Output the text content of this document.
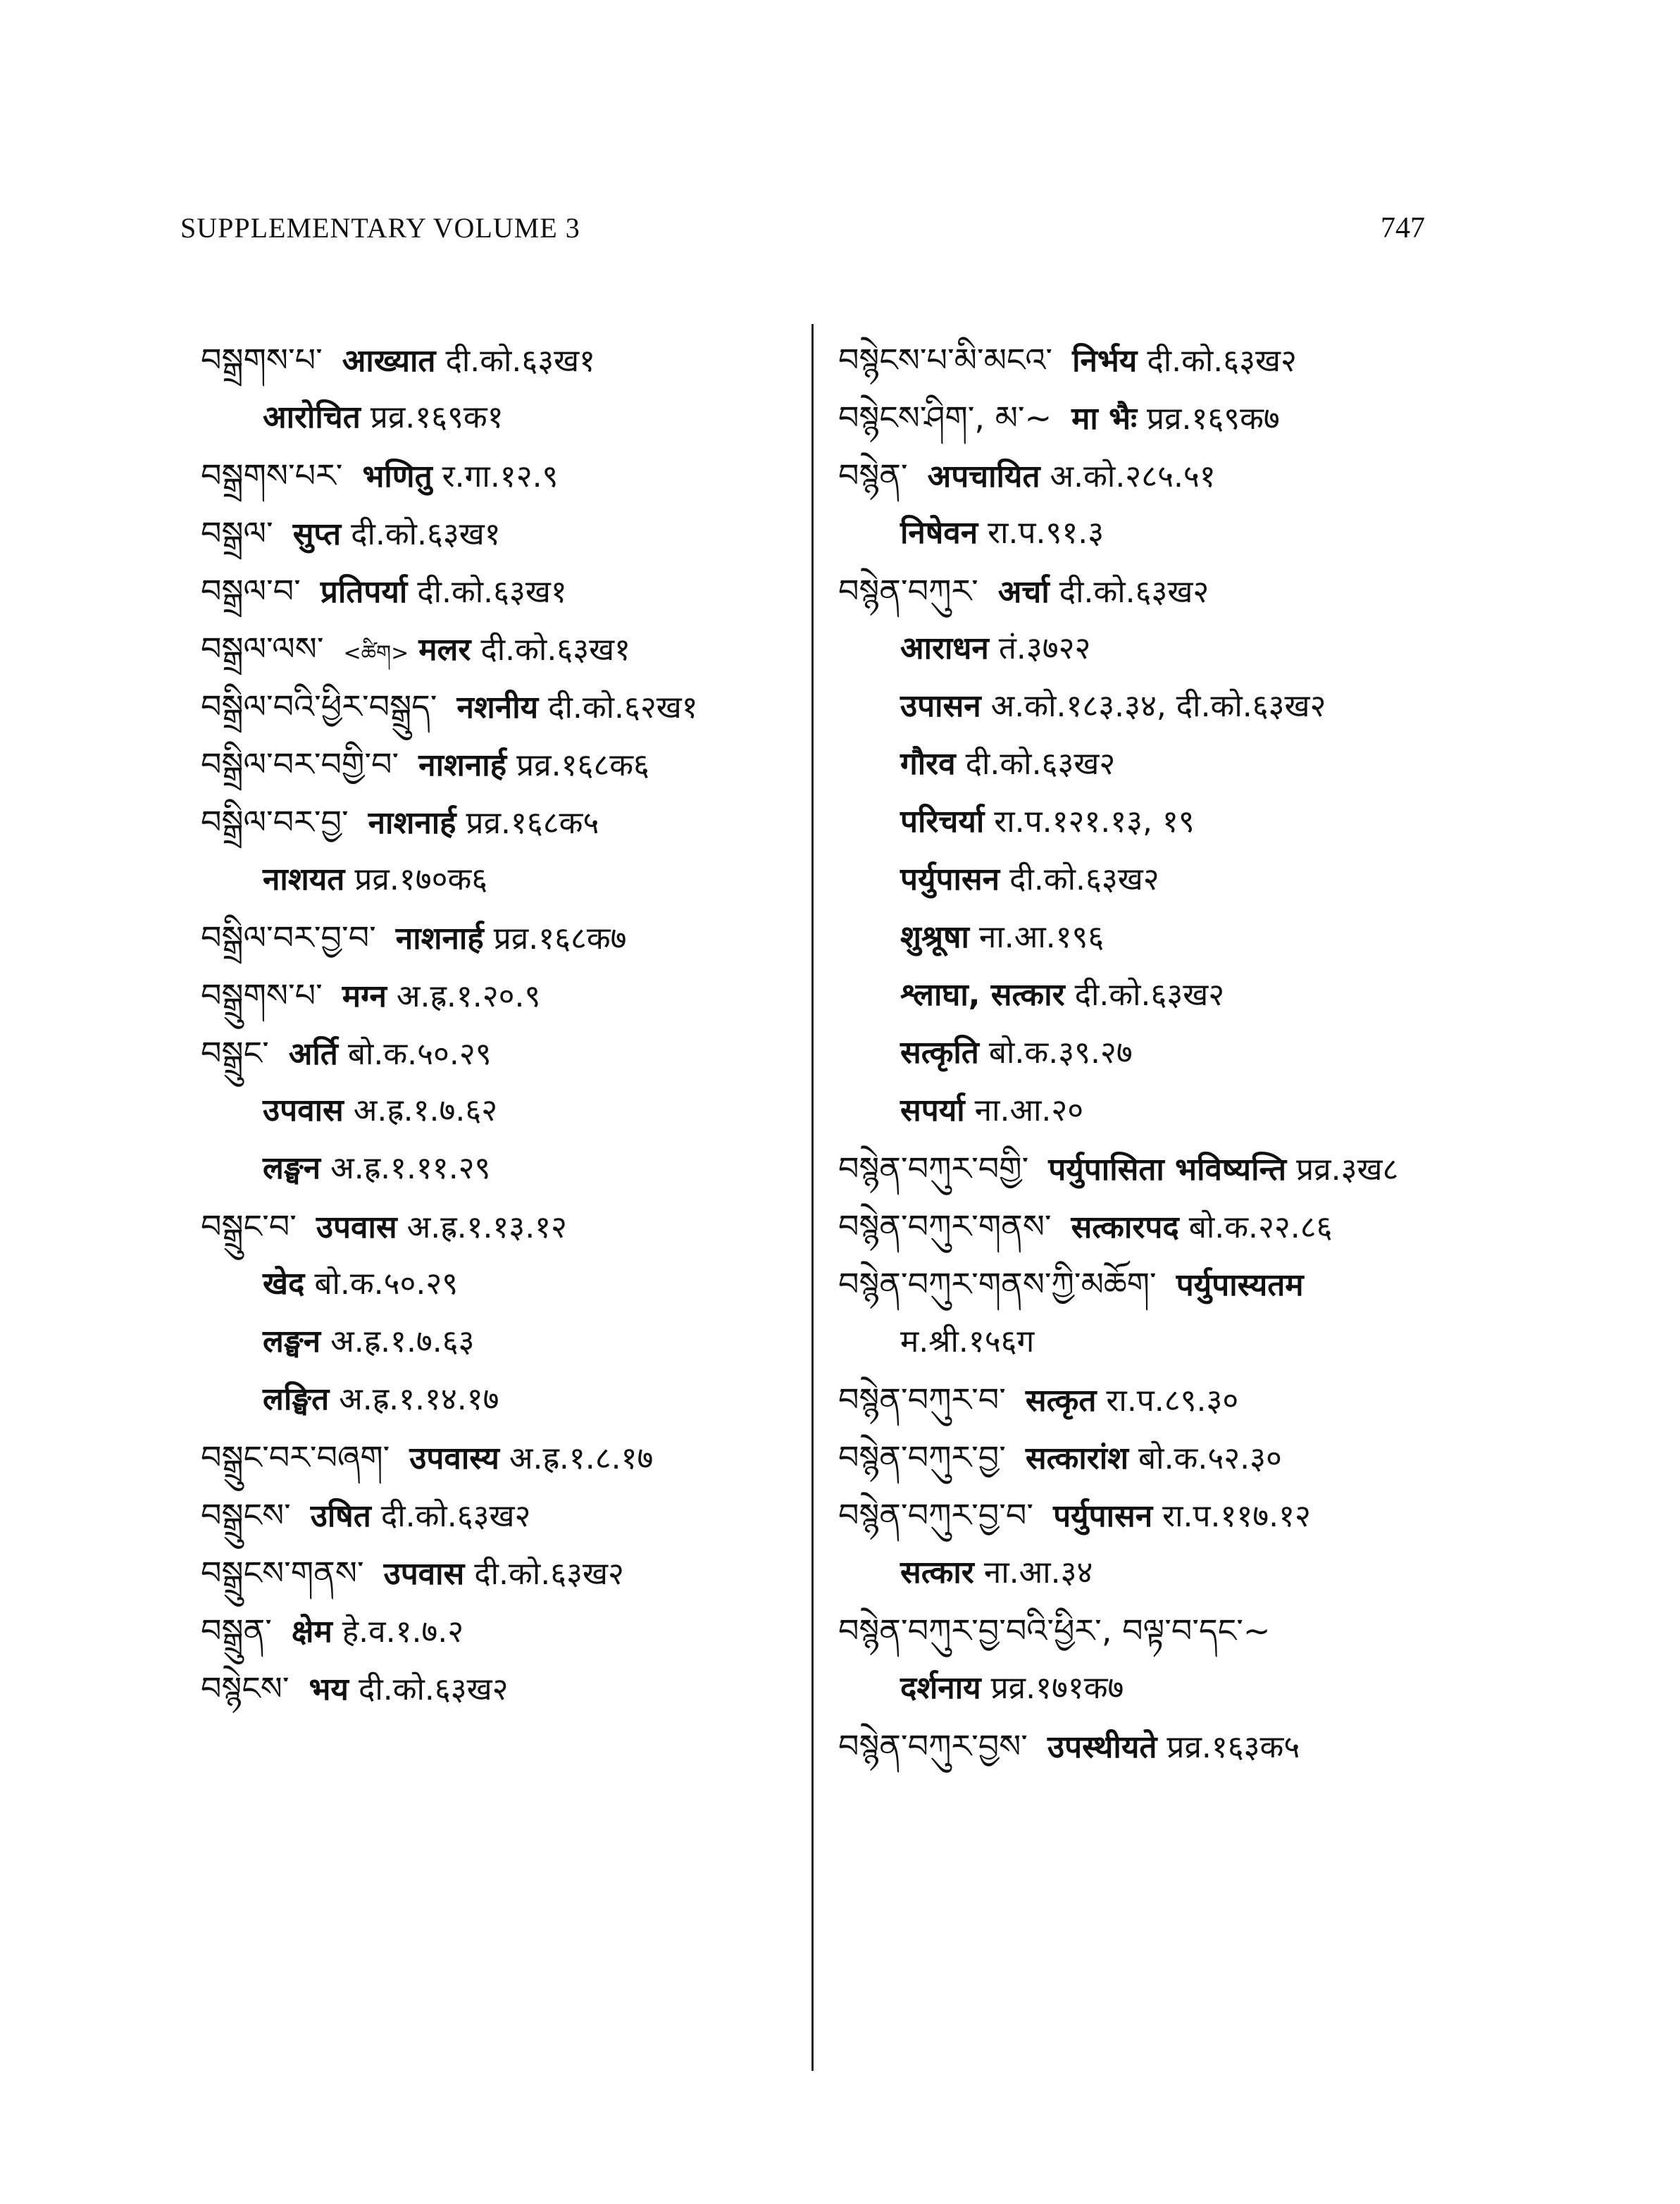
SUPPLEMENTARY VOLUME 3	747
བསྒྲགས་པ་ आख्यात दी.को.६३ख१
आरोचित प्रव्र.१६९क१
བསྒྲགས་པར་ भणितु र.गा.१२.९
བསྒྲལ་ सुप्त दी.को.६३ख१
བསྒྲལ་བ་ प्रतिपर्या दी.को.६३ख१
བསྒྲལ་ལས་ <ཚིག> मलर दी.को.६३ख१
བསྒྲིལ་བའི་ཕྱིར་བསྒྲུད་ नशनीय दी.को.६२ख१
བསྒྲིལ་བར་བགྱི་བ་ नाशनार्ह प्रव्र.१६८क६
བསྒྲིལ་བར་བྱ་ नाशनार्ह प्रव्र.१६८क५
नाशयत प्रव्र.१७०क६
བསྒྲིལ་བར་བྱ་བ་ नाशनार्ह प्रव्र.१६८क७
བསྒྲུགས་པ་ मग्न अ.ह्र.१.२०.९
བསྒྲུང་ अर्ति बो.क.५०.२९
उपवास अ.ह्र.१.७.६२
लङ्घन अ.ह्र.१.११.२९
བསྒྲུང་བ་ उपवास अ.ह्र.१.१३.१२
खेद बो.क.५०.२९
लङ्घन अ.ह्र.१.७.६३
लङ्घित अ.ह्र.१.१४.१७
བསྒྲུང་བར་བཞག་ उपवास्य अ.ह्र.१.८.१७
བསྒྲུངས་ उषित दी.को.६३ख२
བསྒྲུངས་གནས་ उपवास दी.को.६३ख२
བསྒྲུན་ क्षेम हे.व.१.७.२
བསྙེངས་ भय दी.को.६३ख२
བསྙེངས་པ་མི་མངའ་ निर्भय दी.को.६३ख२
བསྙེངས་ཤིག་, མ་~ मा भैः प्रव्र.१६९क७
བསྙེན་ अपचायित अ.को.२८५.५१
निषेवन रा.प.९१.३
བསྙེན་བཀུར་ अर्चा दी.को.६३ख२
आराधन तं.३७२२
उपासन अ.को.१८३.३४, दी.को.६३ख२
गौरव दी.को.६३ख२
परिचर्या रा.प.१२१.१३, १९
पर्युपासन दी.को.६३ख२
शुश्रूषा ना.आ.१९६
श्लाघा, सत्कार दी.को.६३ख२
सत्कृति बो.क.३९.२७
सपर्या ना.आ.२०
བསྙེན་བཀུར་བགྱི་ पर्युपासिता भविष्यन्ति प्रव्र.३ख८
བསྙེན་བཀུར་གནས་ सत्कारपद बो.क.२२.८६
བསྙེན་བཀུར་གནས་ཀྱི་མཆོག་ पर्युपास्यतम
म.श्री.१५६ग
བསྙེན་བཀུར་བ་ सत्कृत रा.प.८९.३०
བསྙེན་བཀུར་བྱ་ सत्कारांश बो.क.५२.३०
བསྙེན་བཀུར་བྱ་བ་ पर्युपासन रा.प.११७.१२
सत्कार ना.आ.३४
བསྙེན་བཀུར་བྱ་བའི་ཕྱིར་, བལྟ་བ་དང་~
दर्शनाय प्रव्र.१७१क७
བསྙེན་བཀུར་བྱས་ उपस्थीयते प्रव्र.१६३क५
